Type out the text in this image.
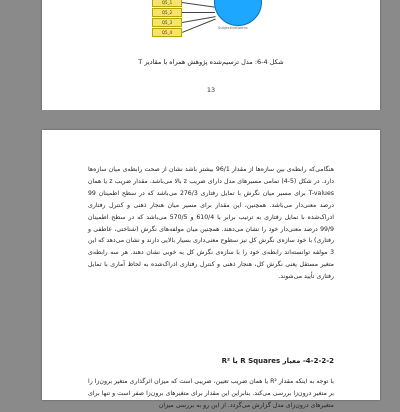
Q5_1
Q5_2
Q5_3
Q5_4
SubjectiveNorms
شکل 4-6: مدل ترسیم‌شده پژوهش همراه با مقادیر T
13
هنگامی‌که رابطه‌ی بین سازه‌ها از مقدار 96/1 بیشتر باشد نشان از صحت رابطه‌ی میان سازه‌ها دارد. در شکل (5-4) تمامی مسیرهای مدل دارای ضریب z بالا می‌باشد. مقدار ضریب z یا همان T-values برای مسیر میان نگرش با تمایل رفتاری 276/3 می‌باشد که در سطح اطمینان 99 درصد معنی‌دار می‌باشد. همچنین، این مقدار برای مسیر میان هنجار ذهنی و کنترل رفتاری ادراک‌شده با تمایل رفتاری به ترتیب برابر با 610/4 و 570/5 می‌باشد که در سطح اطمینان 99/9 درصد معنی‌دار خود را نشان می‌دهند. همچنین میان مولفه‌های نگرش (شناختی، عاطفی و رفتاری) با خود سازه‌ی نگرش کل نیز سطوح معنی‌داری بسیار بالایی دارند و نشان می‌دهد که این 3 مولفه توانسته‌اند رابطه‌ی خود را با سازه‌ی نگرش کل به خوبی نشان دهند. هر سه رابطه‌ی متغیر مستقل یعنی نگرش کل، هنجار ذهنی و کنترل رفتاری ادراک‌شده به لحاظ آماری با تمایل رفتاری تأیید می‌شوند.
4-2-2-2- معیار R Squares یا R²
با توجه به اینکه مقدار R² یا همان ضریب تعیین، ضریبی است که میزان اثرگذاری متغیر برون‌زا را بر متغیر درون‌زا بررسی می‌کند. بنابراین این مقدار برای متغیرهای برون‌زا صفر است و تنها برای متغیرهای درون‌زای مدل گزارش می‌گردد. از این رو به بررسی میزان
